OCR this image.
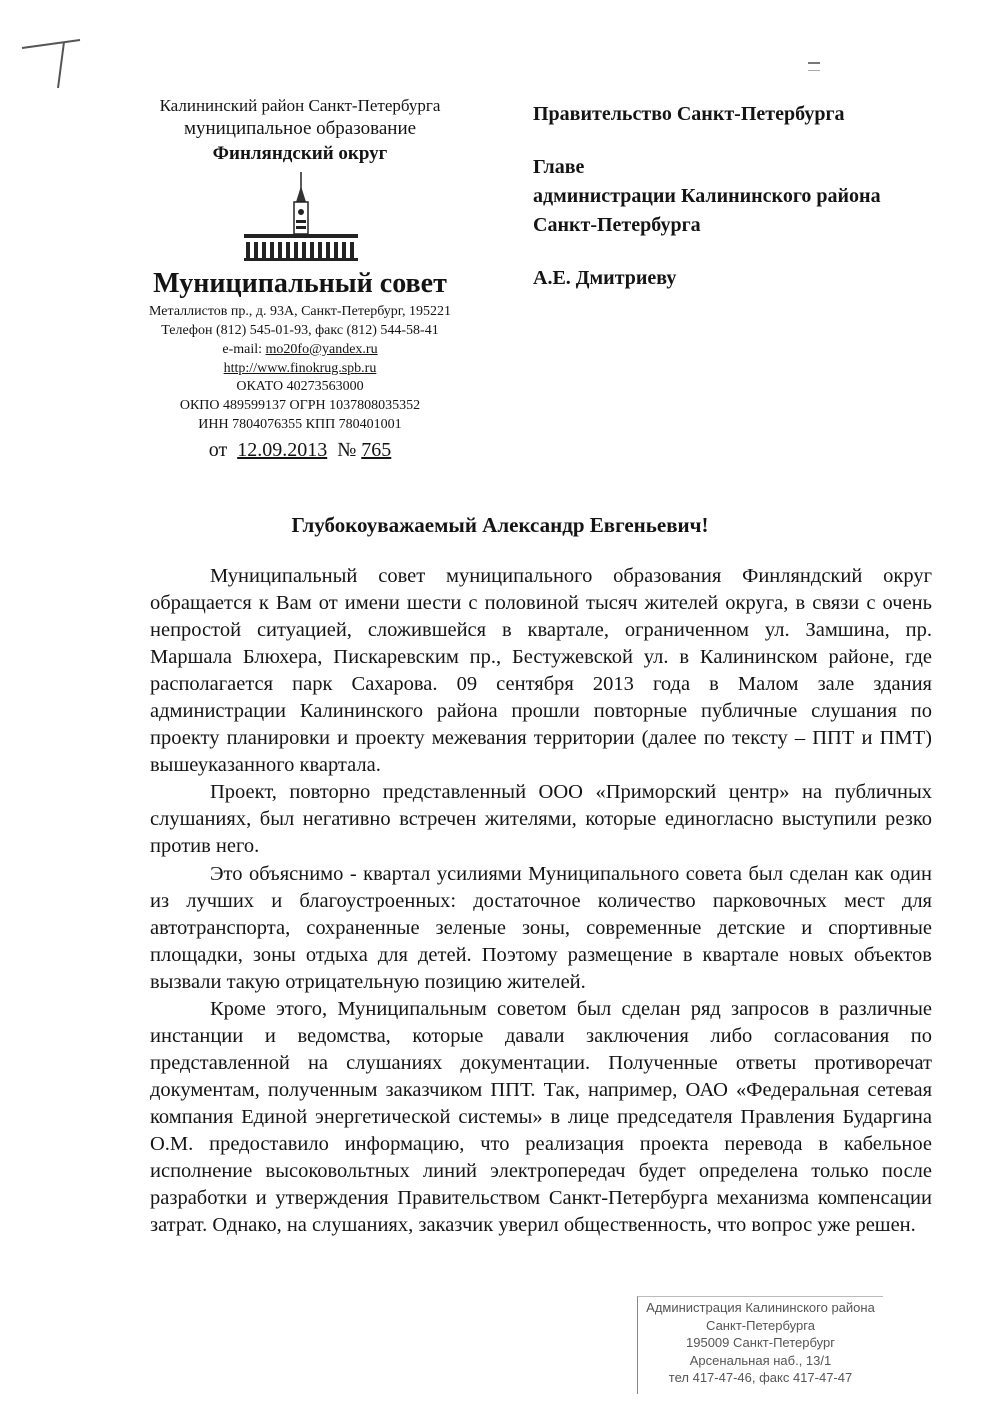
Калининский район Санкт-Петербурга
муниципальное образование
Финляндский округ
Муниципальный совет
Металлистов пр., д. 93А, Санкт-Петербург, 195221
Телефон (812) 545-01-93, факс (812) 544-58-41
e-mail: mo20fo@yandex.ru
http://www.finokrug.spb.ru
ОКАТО 40273563000
ОКПО 489599137 ОГРН 1037808035352
ИНН 7804076355 КПП 780401001
от 12.09.2013 № 765
Правительство Санкт-Петербурга
Главе
администрации Калининского района
Санкт-Петербурга
А.Е. Дмитриеву
Глубокоуважаемый Александр Евгеньевич!

Муниципальный совет муниципального образования Финляндский округ обращается к Вам от имени шести с половиной тысяч жителей округа, в связи с очень непростой ситуацией, сложившейся в квартале, ограниченном ул. Замшина, пр. Маршала Блюхера, Пискаревским пр., Бестужевской ул. в Калининском районе, где располагается парк Сахарова. 09 сентября 2013 года в Малом зале здания администрации Калининского района прошли повторные публичные слушания по проекту планировки и проекту межевания территории (далее по тексту – ППТ и ПМТ) вышеуказанного квартала.

Проект, повторно представленный ООО «Приморский центр» на публичных слушаниях, был негативно встречен жителями, которые единогласно выступили резко против него.

Это объяснимо - квартал усилиями Муниципального совета был сделан как один из лучших и благоустроенных: достаточное количество парковочных мест для автотранспорта, сохраненные зеленые зоны, современные детские и спортивные площадки, зоны отдыха для детей. Поэтому размещение в квартале новых объектов вызвали такую отрицательную позицию жителей.

Кроме этого, Муниципальным советом был сделан ряд запросов в различные инстанции и ведомства, которые давали заключения либо согласования по представленной на слушаниях документации. Полученные ответы противоречат документам, полученным заказчиком ППТ. Так, например, ОАО «Федеральная сетевая компания Единой энергетической системы» в лице председателя Правления Бударгина О.М. предоставило информацию, что реализация проекта перевода в кабельное исполнение высоковольтных линий электропередач будет определена только после разработки и утверждения Правительством Санкт-Петербурга механизма компенсации затрат. Однако, на слушаниях, заказчик уверил общественность, что вопрос уже решен.

Администрация Калининского района
Санкт-Петербурга
195009 Санкт-Петербург
Арсенальная наб., 13/1
тел 417-47-46, факс 417-47-47
